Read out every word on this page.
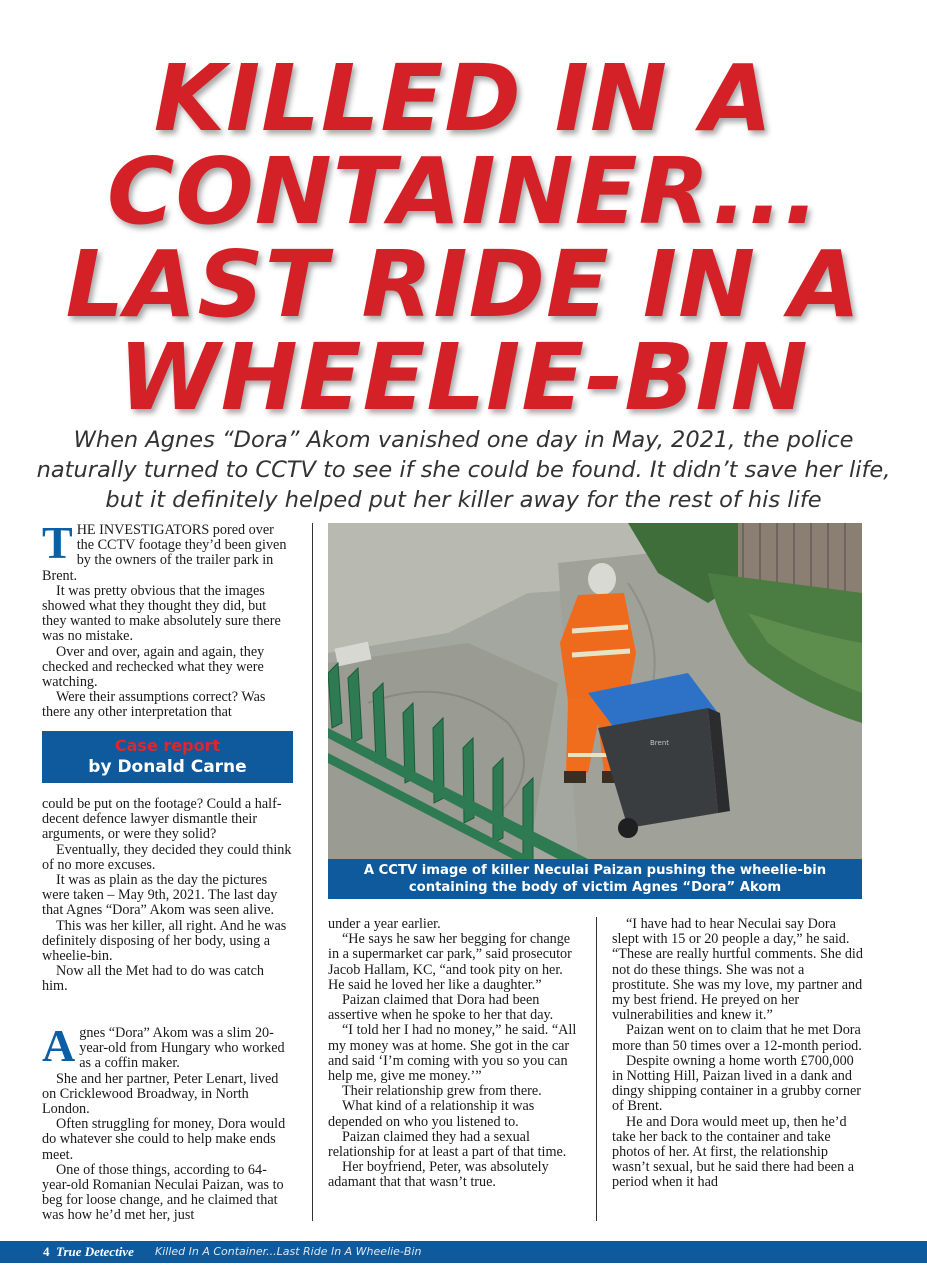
KILLED IN A
CONTAINER...
LAST RIDE IN A
WHEELIE-BIN
When Agnes “Dora” Akom vanished one day in May, 2021, the police naturally turned to CCTV to see if she could be found. It didn’t save her life, but it definitely helped put her killer away for the rest of his life

THE INVESTIGATORS pored over the CCTV footage they’d been given by the owners of the trailer park in Brent.

It was pretty obvious that the images showed what they thought they did, but they wanted to make absolutely sure there was no mistake.

Over and over, again and again, they checked and rechecked what they were watching.

Were their assumptions correct? Was there any other interpretation that

Case report
by Donald Carne

could be put on the footage? Could a half-decent defence lawyer dismantle their arguments, or were they solid?

Eventually, they decided they could think of no more excuses.

It was as plain as the day the pictures were taken – May 9th, 2021. The last day that Agnes “Dora” Akom was seen alive.

This was her killer, all right. And he was definitely disposing of her body, using a wheelie-bin.

Now all the Met had to do was catch him.

Agnes “Dora” Akom was a slim 20-year-old from Hungary who worked as a coffin maker.

She and her partner, Peter Lenart, lived on Cricklewood Broadway, in North London.

Often struggling for money, Dora would do whatever she could to help make ends meet.

One of those things, according to 64-year-old Romanian Neculai Paizan, was to beg for loose change, and he claimed that was how he’d met her, just

Brent
A CCTV image of killer Neculai Paizan pushing the wheelie-bin containing the body of victim Agnes “Dora” Akom

under a year earlier.

“He says he saw her begging for change in a supermarket car park,” said prosecutor Jacob Hallam, KC, “and took pity on her. He said he loved her like a daughter.”

Paizan claimed that Dora had been assertive when he spoke to her that day.

“I told her I had no money,” he said. “All my money was at home. She got in the car and said ‘I’m coming with you so you can help me, give me money.’”

Their relationship grew from there.

What kind of a relationship it was depended on who you listened to.

Paizan claimed they had a sexual relationship for at least a part of that time.

Her boyfriend, Peter, was absolutely adamant that that wasn’t true.

“I have had to hear Neculai say Dora slept with 15 or 20 people a day,” he said. “These are really hurtful comments. She did not do these things. She was not a prostitute. She was my love, my partner and my best friend. He preyed on her vulnerabilities and knew it.”

Paizan went on to claim that he met Dora more than 50 times over a 12-month period.

Despite owning a home worth £700,000 in Notting Hill, Paizan lived in a dank and dingy shipping container in a grubby corner of Brent.

He and Dora would meet up, then he’d take her back to the container and take photos of her. At first, the relationship wasn’t sexual, but he said there had been a period when it had

4 True Detective Killed In A Container...Last Ride In A Wheelie-Bin
